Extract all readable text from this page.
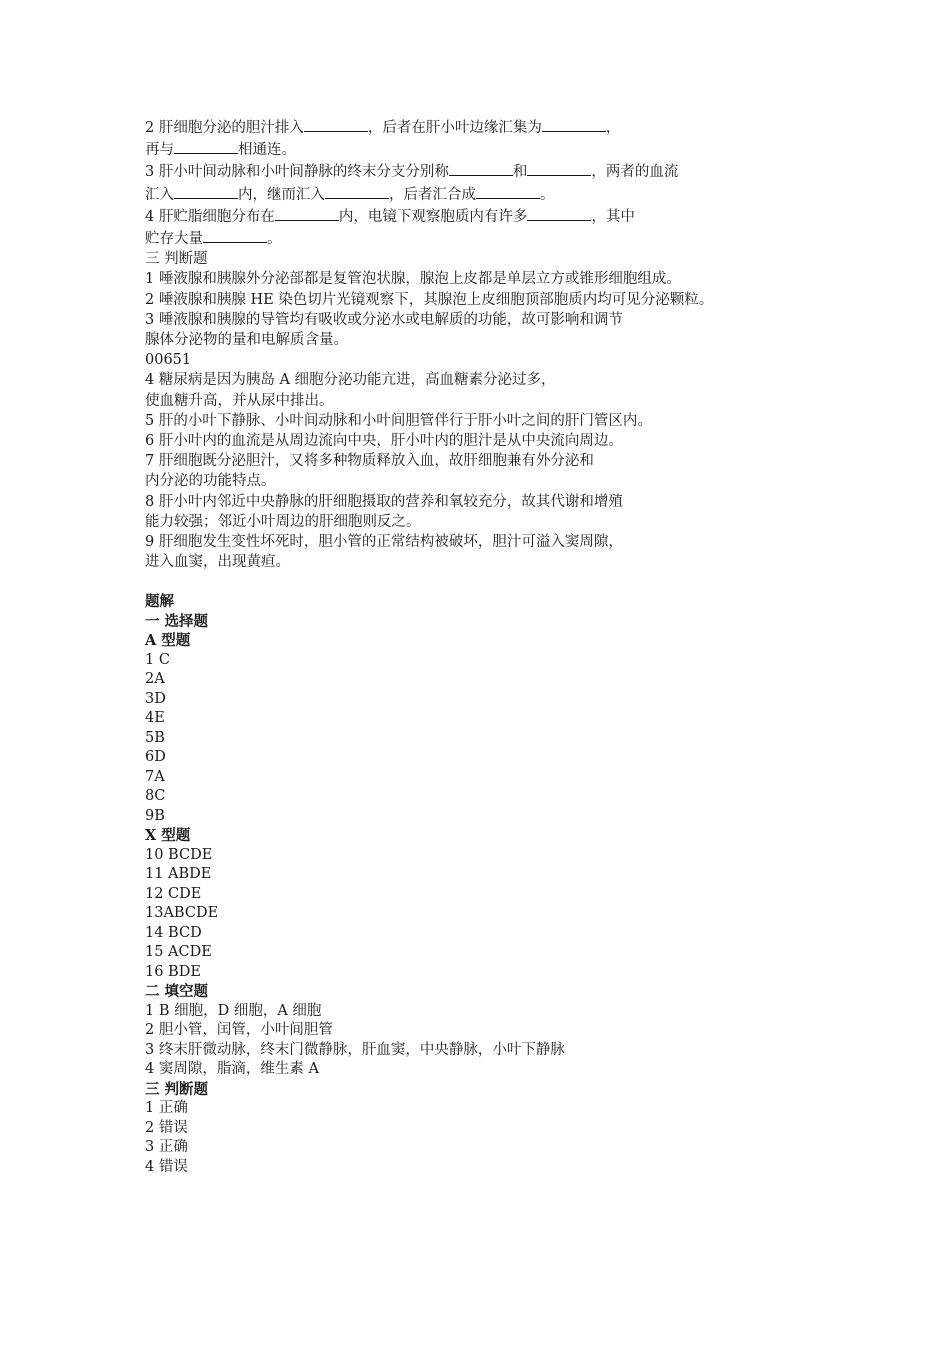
2 肝细胞分泌的胆汁排入	，后者在肝小叶边缘汇集为	，
再与	相通连。
3 肝小叶间动脉和小叶间静脉的终末分支分别称	和	，两者的血流
汇入	内，继而汇入	，后者汇合成	。
4 肝贮脂细胞分布在	内，电镜下观察胞质内有许多	，其中
贮存大量	。
三 判断题
1 唾液腺和胰腺外分泌部都是复管泡状腺，腺泡上皮都是单层立方或锥形细胞组成。
2 唾液腺和胰腺 HE 染色切片光镜观察下，其腺泡上皮细胞顶部胞质内均可见分泌颗粒。
3 唾液腺和胰腺的导管均有吸收或分泌水或电解质的功能，故可影响和调节
腺体分泌物的量和电解质含量。
00651
4 糖尿病是因为胰岛 A 细胞分泌功能亢进，高血糖素分泌过多，
使血糖升高，并从尿中排出。
5 肝的小叶下静脉、小叶间动脉和小叶间胆管伴行于肝小叶之间的肝门管区内。
6 肝小叶内的血流是从周边流向中央，肝小叶内的胆汁是从中央流向周边。
7 肝细胞既分泌胆汁，又将多种物质释放入血，故肝细胞兼有外分泌和
内分泌的功能特点。
8 肝小叶内邻近中央静脉的肝细胞摄取的营养和氧较充分，故其代谢和增殖
能力较强；邻近小叶周边的肝细胞则反之。
9 肝细胞发生变性坏死时，胆小管的正常结构被破坏，胆汁可溢入窦周隙，
进入血窦，出现黄疸。
题解
一 选择题
A 型题
1 C
2A
3D
4E
5B
6D
7A
8C
9B
X 型题
10 BCDE
11 ABDE
12 CDE
13ABCDE
14 BCD
15 ACDE
16 BDE
二 填空题
1 B 细胞，D 细胞，A 细胞
2 胆小管，闰管，小叶间胆管
3 终末肝微动脉，终末门微静脉，肝血窦，中央静脉，小叶下静脉
4 窦周隙，脂滴，维生素 A
三 判断题
1 正确
2 错误
3 正确
4 错误
